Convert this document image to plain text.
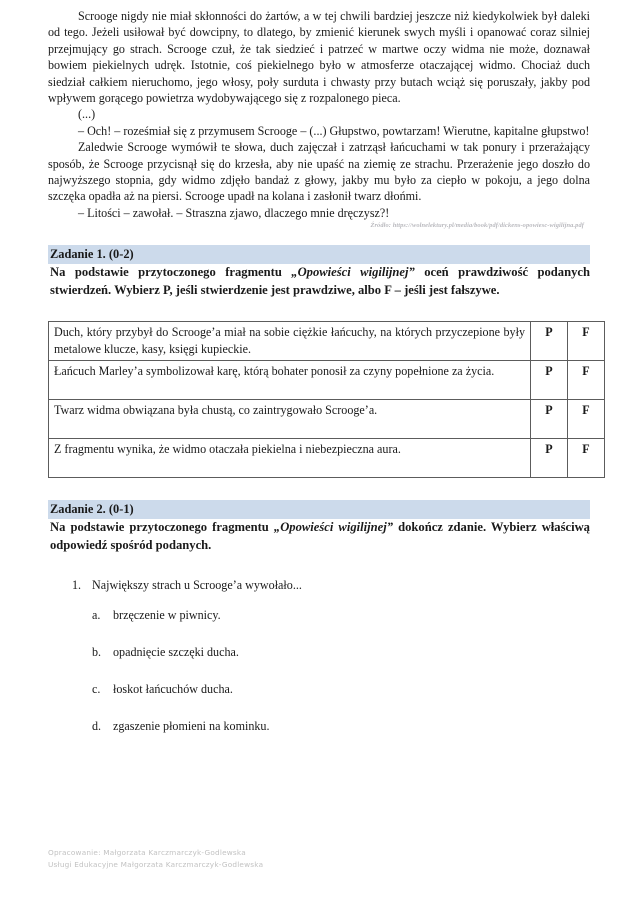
Scrooge nigdy nie miał skłonności do żartów, a w tej chwili bardziej jeszcze niż kiedykolwiek był daleki od tego. Jeżeli usiłował być dowcipny, to dlatego, by zmienić kierunek swych myśli i opanować coraz silniej przejmujący go strach. Scrooge czuł, że tak siedzieć i patrzeć w martwe oczy widma nie może, doznawał bowiem piekielnych udręk. Istotnie, coś piekielnego było w atmosferze otaczającej widmo. Chociaż duch siedział całkiem nieruchomo, jego włosy, poły surduta i chwasty przy butach wciąż się poruszały, jakby pod wpływem gorącego powietrza wydobywającego się z rozpalonego pieca.

(...)

– Och! – roześmiał się z przymusem Scrooge – (...) Głupstwo, powtarzam! Wierutne, kapitalne głupstwo!

Zaledwie Scrooge wymówił te słowa, duch zajęczał i zatrząsł łańcuchami w tak ponury i przerażający sposób, że Scrooge przycisnął się do krzesła, aby nie upaść na ziemię ze strachu. Przerażenie jego doszło do najwyższego stopnia, gdy widmo zdjęło bandaż z głowy, jakby mu było za ciepło w pokoju, a jego dolna szczęka opadła aż na piersi. Scrooge upadł na kolana i zasłonił twarz dłońmi.

– Litości – zawołał. – Straszna zjawo, dlaczego mnie dręczysz?!

Źródło: https://wolnelektury.pl/media/book/pdf/dickens-opowiesc-wigilijna.pdf
Zadanie 1. (0-2)

Na podstawie przytoczonego fragmentu „Opowieści wigilijnej” oceń prawdziwość podanych stwierdzeń. Wybierz P, jeśli stwierdzenie jest prawdziwe, albo F – jeśli jest fałszywe.

Duch, który przybył do Scrooge’a miał na sobie ciężkie łańcuchy, na których przyczepione były metalowe klucze, kasy, księgi kupieckie.	P	F
Łańcuch Marley’a symbolizował karę, którą bohater ponosił za czyny popełnione za życia.	P	F
Twarz widma obwiązana była chustą, co zaintrygowało Scrooge’a.	P	F
Z fragmentu wynika, że widmo otaczała piekielna i niebezpieczna aura.	P	F
Zadanie 2. (0-1)

Na podstawie przytoczonego fragmentu „Opowieści wigilijnej” dokończ zdanie. Wybierz właściwą odpowiedź spośród podanych.

1. Największy strach u Scrooge’a wywołało...
a.	brzęczenie w piwnicy.
b. opadnięcie szczęki ducha.
c.	łoskot łańcuchów ducha.
d. zgaszenie płomieni na kominku.
Opracowanie: Małgorzata Karczmarczyk-Godlewska
Usługi Edukacyjne Małgorzata Karczmarczyk-Godlewska
